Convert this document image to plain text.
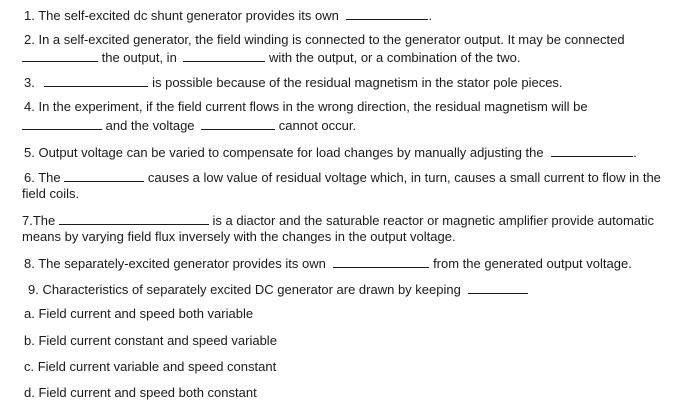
1. The self-excited dc shunt generator provides its own	.
2. In a self-excited generator, the field winding is connected to the generator output. It may be connected
the output, in	with the output, or a combination of the two.
3.	is possible because of the residual magnetism in the stator pole pieces.
4. In the experiment, if the field current flows in the wrong direction, the residual magnetism will be
and the voltage	cannot occur.
5. Output voltage can be varied to compensate for load changes by manually adjusting the	.
6. The	causes a low value of residual voltage which, in turn, causes a small current to flow in the
field coils.
7.The	is a diactor and the saturable reactor or magnetic amplifier provide automatic
means by varying field flux inversely with the changes in the output voltage.
8. The separately-excited generator provides its own	from the generated output voltage.
9. Characteristics of separately excited DC generator are drawn by keeping
a. Field current and speed both variable
b. Field current constant and speed variable
c. Field current variable and speed constant
d. Field current and speed both constant
